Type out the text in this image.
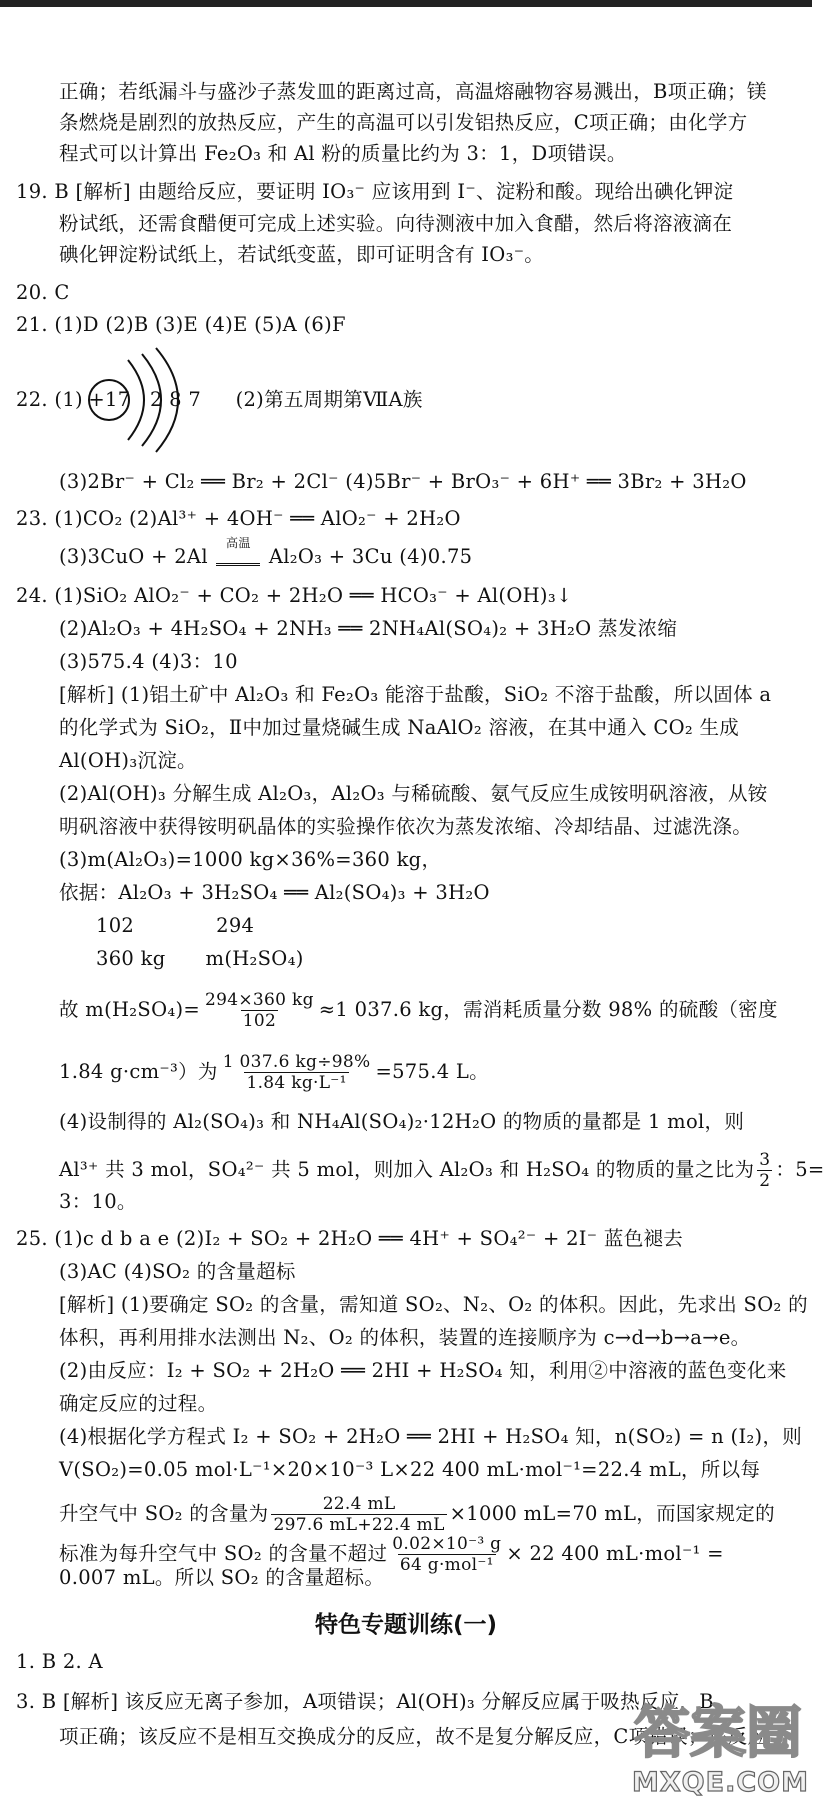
正确；若纸漏斗与盛沙子蒸发皿的距离过高，高温熔融物容易溅出，B项正确；镁
条燃烧是剧烈的放热反应，产生的高温可以引发铝热反应，C项正确；由化学方
程式可以计算出 Fe₂O₃ 和 Al 粉的质量比约为 3：1，D项错误。
19. B [解析] 由题给反应，要证明 IO₃⁻ 应该用到 I⁻、淀粉和酸。现给出碘化钾淀
粉试纸，还需食醋便可完成上述实验。向待测液中加入食醋，然后将溶液滴在
碘化钾淀粉试纸上，若试纸变蓝，即可证明含有 IO₃⁻。
20. C
21. (1)D (2)B (3)E (4)E (5)A (6)F
22. (1) +17 2 8 7 (2)第五周期第ⅦA族
(3)2Br⁻ + Cl₂ ══ Br₂ + 2Cl⁻ (4)5Br⁻ + BrO₃⁻ + 6H⁺ ══ 3Br₂ + 3H₂O
23. (1)CO₂ (2)Al³⁺ + 4OH⁻ ══ AlO₂⁻ + 2H₂O
(3)3CuO + 2Al
高温
Al₂O₃ + 3Cu (4)0.75
24. (1)SiO₂ AlO₂⁻ + CO₂ + 2H₂O ══ HCO₃⁻ + Al(OH)₃↓
(2)Al₂O₃ + 4H₂SO₄ + 2NH₃ ══ 2NH₄Al(SO₄)₂ + 3H₂O 蒸发浓缩
(3)575.4 (4)3：10
[解析] (1)铝土矿中 Al₂O₃ 和 Fe₂O₃ 能溶于盐酸，SiO₂ 不溶于盐酸，所以固体 a
的化学式为 SiO₂，Ⅱ中加过量烧碱生成 NaAlO₂ 溶液，在其中通入 CO₂ 生成
Al(OH)₃沉淀。
(2)Al(OH)₃ 分解生成 Al₂O₃，Al₂O₃ 与稀硫酸、氨气反应生成铵明矾溶液，从铵
明矾溶液中获得铵明矾晶体的实验操作依次为蒸发浓缩、冷却结晶、过滤洗涤。
(3)m(Al₂O₃)=1000 kg×36%=360 kg，
依据：Al₂O₃ + 3H₂SO₄ ══ Al₂(SO₄)₃ + 3H₂O
102	294
360 kg m(H₂SO₄)
故 $m(H_2SO_4)= \frac{294\times 360 kg}{102} \approx 1$ 037.6 kg，需消耗质量分数 98% 的硫酸（密度
1.84 g·cm⁻³）为 $\frac{1 037.6 kg\div 98\%}{\text{1.84 kg·L⁻¹}} =575.4$ L。
(4)设制得的 Al₂(SO₄)₃ 和 NH₄Al(SO₄)₂·12H₂O 的物质的量都是 1 mol，则
Al³⁺ 共 3 mol，SO₄²⁻ 共 5 mol，则加入 Al₂O₃ 和 H₂SO₄ 的物质的量之比为 $\frac{3}{2}$ ：5=
3：10。
25. (1)c d b a e (2)I₂ + SO₂ + 2H₂O ══ 4H⁺ + SO₄²⁻ + 2I⁻ 蓝色褪去
(3)AC (4)SO₂ 的含量超标
[解析] (1)要确定 SO₂ 的含量，需知道 SO₂、N₂、O₂ 的体积。因此，先求出 SO₂ 的
体积，再利用排水法测出 N₂、O₂ 的体积，装置的连接顺序为 c→d→b→a→e。
(2)由反应：I₂ + SO₂ + 2H₂O ══ 2HI + H₂SO₄ 知，利用②中溶液的蓝色变化来
确定反应的过程。
(4)根据化学方程式 I₂ + SO₂ + 2H₂O ══ 2HI + H₂SO₄ 知，n(SO₂) = n (I₂)，则
V(SO₂)=0.05 mol·L⁻¹×20×10⁻³ L×22 400 mL·mol⁻¹=22.4 mL，所以每
升空气中 SO₂ 的含量为 $\frac{22.4 mL}{297.6 mL+22.4 mL} \times 1000$ mL=70 mL，而国家规定的
标准为每升空气中 SO₂ 的含量不超过 $\frac{\text{0.02×10⁻³ g}}{\text{64 g·mol⁻¹}} \times 22$ 400 mL·mol⁻¹ =
0.007 mL。所以 SO₂ 的含量超标。
特色专题训练(一)
1. B 2. A
3. B [解析] 该反应无离子参加，A项错误；Al(OH)₃ 分解反应属于吸热反应，B
项正确；该反应不是相互交换成分的反应，故不是复分解反应，C项错误；该反应
答案圈
MXQE.COM
